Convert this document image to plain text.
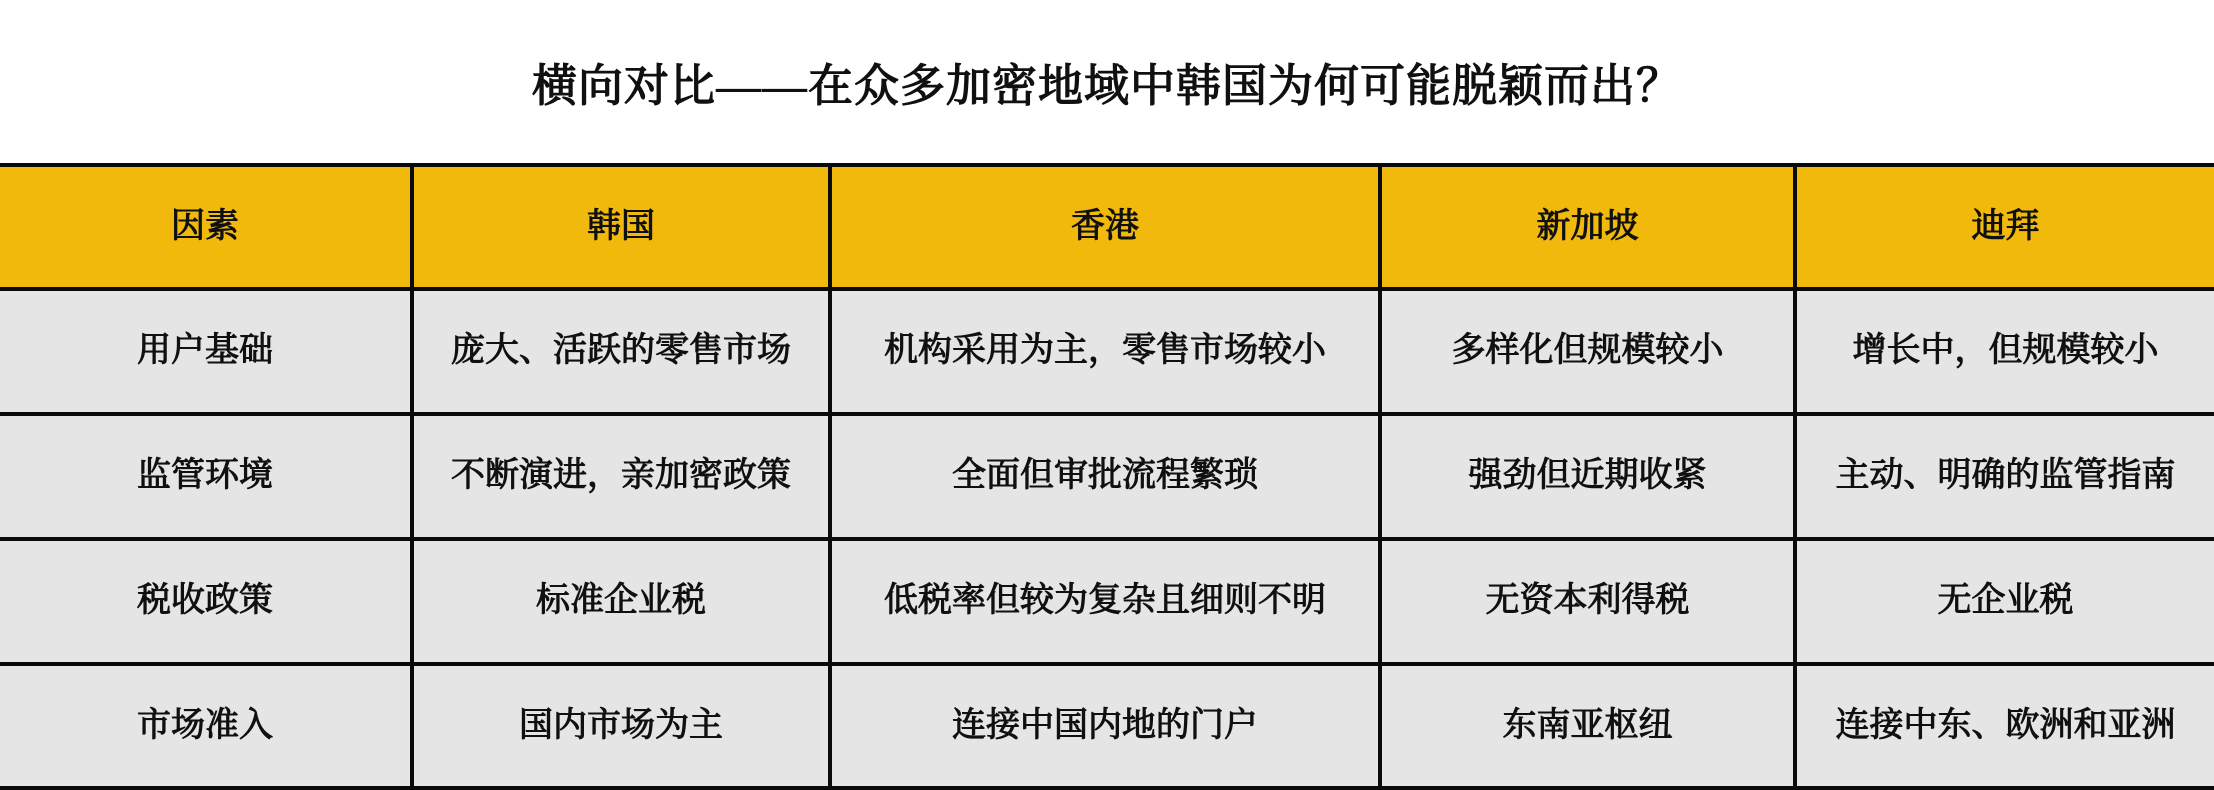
横向对比——在众多加密地域中韩国为何可能脱颖而出？
因素	韩国	香港	新加坡	迪拜
用户基础	庞大、活跃的零售市场	机构采用为主，零售市场较小	多样化但规模较小	增长中，但规模较小
监管环境	不断演进，亲加密政策	全面但审批流程繁琐	强劲但近期收紧	主动、明确的监管指南
税收政策	标准企业税	低税率但较为复杂且细则不明	无资本利得税	无企业税
市场准入	国内市场为主	连接中国内地的门户	东南亚枢纽	连接中东、欧洲和亚洲
